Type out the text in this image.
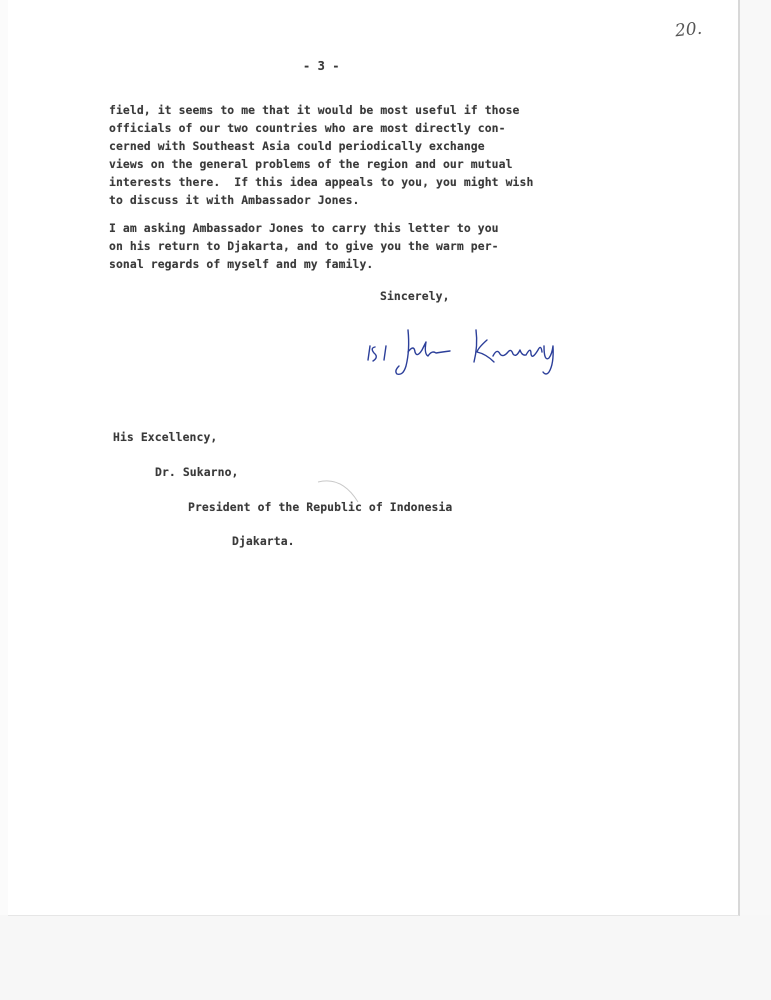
20.
- 3 -
field, it seems to me that it would be most useful if those
officials of our two countries who are most directly con-
cerned with Southeast Asia could periodically exchange
views on the general problems of the region and our mutual
interests there.  If this idea appeals to you, you might wish
to discuss it with Ambassador Jones.
I am asking Ambassador Jones to carry this letter to you
on his return to Djakarta, and to give you the warm per-
sonal regards of myself and my family.
Sincerely,
His Excellency,
Dr. Sukarno,
President of the Republic of Indonesia
Djakarta.
